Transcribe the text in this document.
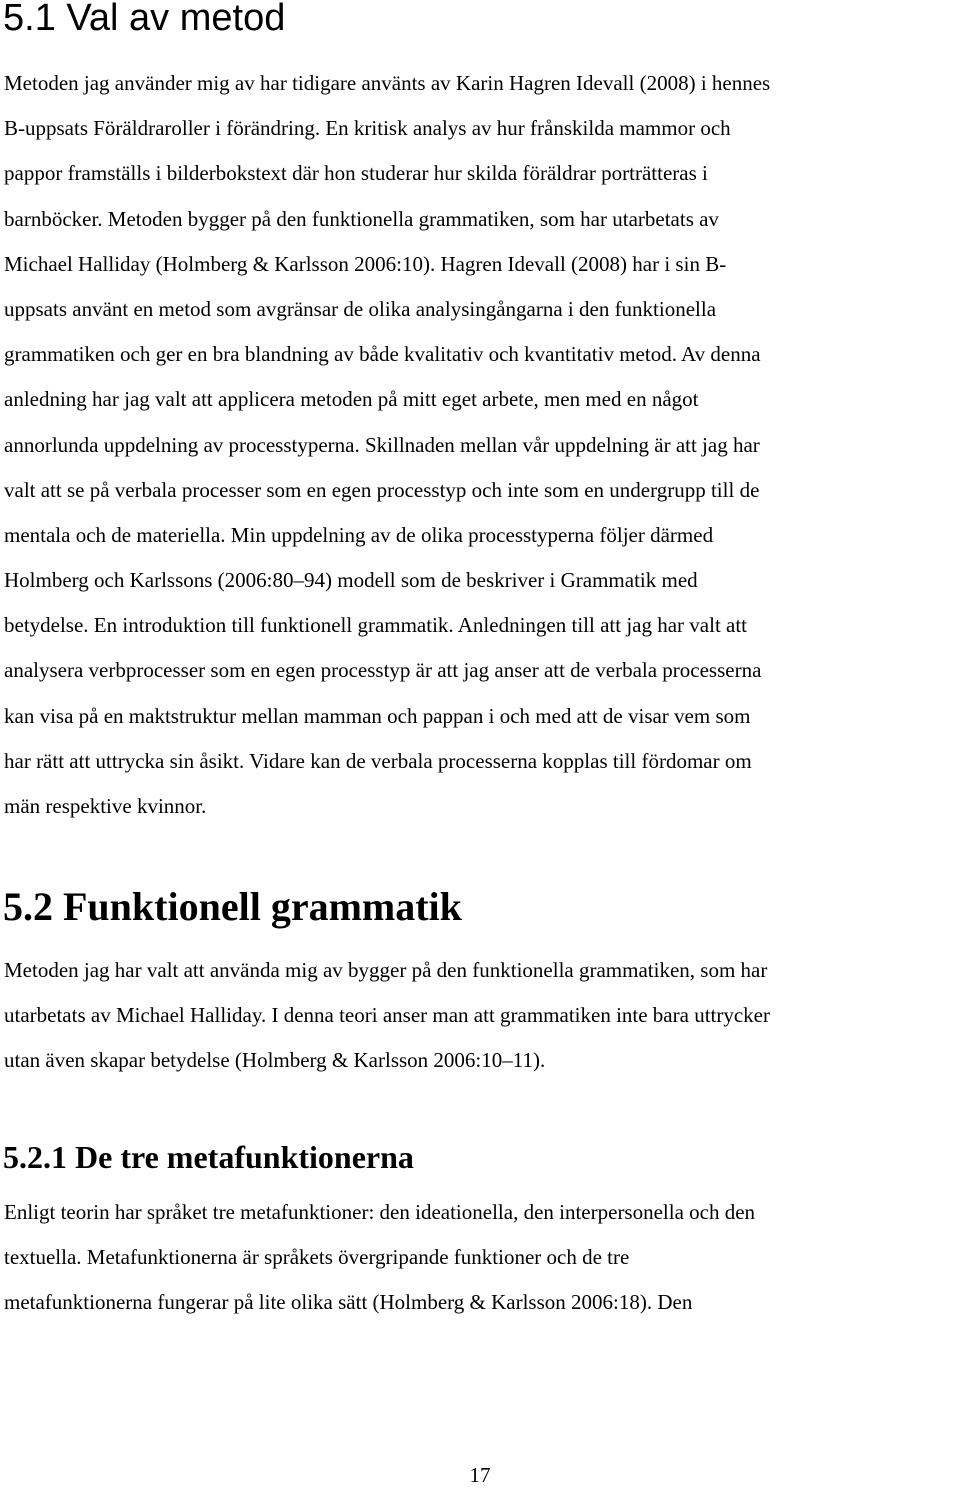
5.1 Val av metod

Metoden jag använder mig av har tidigare använts av Karin Hagren Idevall (2008) i hennes
B-uppsats Föräldraroller i förändring. En kritisk analys av hur frånskilda mammor och
pappor framställs i bilderbokstext där hon studerar hur skilda föräldrar porträtteras i
barnböcker. Metoden bygger på den funktionella grammatiken, som har utarbetats av
Michael Halliday (Holmberg & Karlsson 2006:10). Hagren Idevall (2008) har i sin B-
uppsats använt en metod som avgränsar de olika analysingångarna i den funktionella
grammatiken och ger en bra blandning av både kvalitativ och kvantitativ metod. Av denna
anledning har jag valt att applicera metoden på mitt eget arbete, men med en något
annorlunda uppdelning av processtyperna. Skillnaden mellan vår uppdelning är att jag har
valt att se på verbala processer som en egen processtyp och inte som en undergrupp till de
mentala och de materiella. Min uppdelning av de olika processtyperna följer därmed
Holmberg och Karlssons (2006:80–94) modell som de beskriver i Grammatik med
betydelse. En introduktion till funktionell grammatik. Anledningen till att jag har valt att
analysera verbprocesser som en egen processtyp är att jag anser att de verbala processerna
kan visa på en maktstruktur mellan mamman och pappan i och med att de visar vem som
har rätt att uttrycka sin åsikt. Vidare kan de verbala processerna kopplas till fördomar om
män respektive kvinnor.

5.2 Funktionell grammatik

Metoden jag har valt att använda mig av bygger på den funktionella grammatiken, som har
utarbetats av Michael Halliday. I denna teori anser man att grammatiken inte bara uttrycker
utan även skapar betydelse (Holmberg & Karlsson 2006:10–11).

5.2.1 De tre metafunktionerna

Enligt teorin har språket tre metafunktioner: den ideationella, den interpersonella och den
textuella. Metafunktionerna är språkets övergripande funktioner och de tre
metafunktionerna fungerar på lite olika sätt (Holmberg & Karlsson 2006:18). Den

17
